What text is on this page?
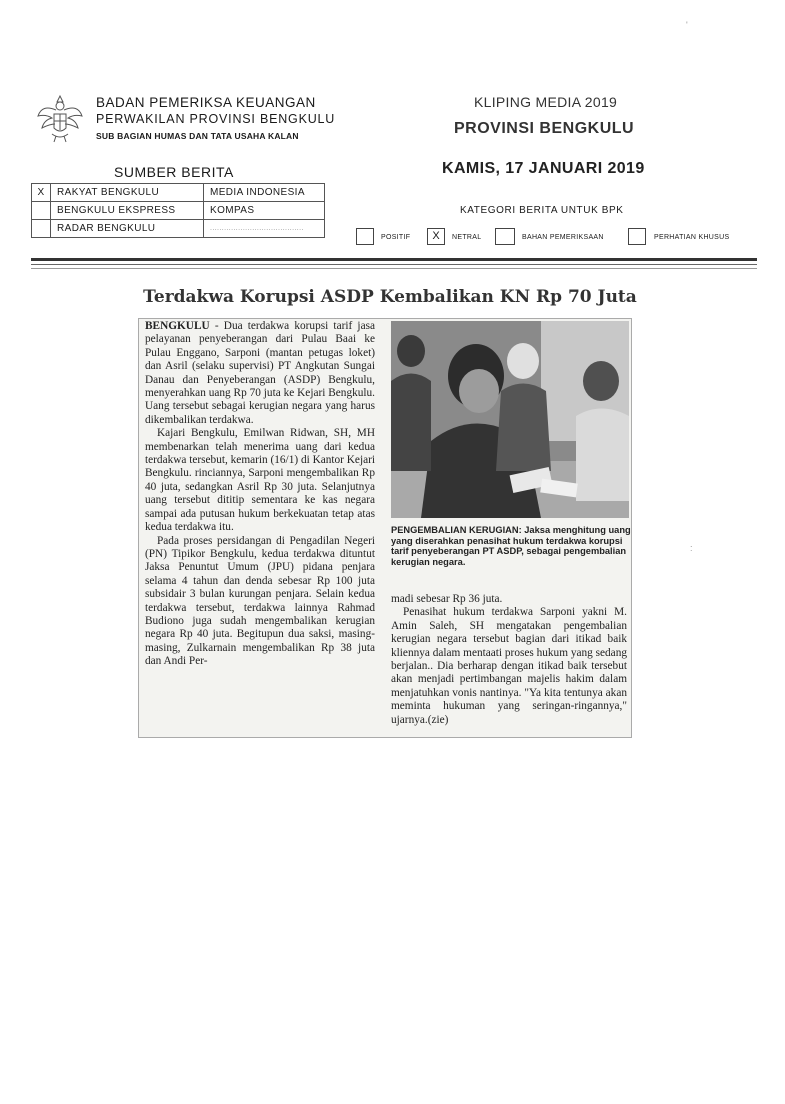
BADAN PEMERIKSA KEUANGAN
PERWAKILAN PROVINSI BENGKULU
SUB BAGIAN HUMAS DAN TATA USAHA KALAN
KLIPING MEDIA 2019
PROVINSI BENGKULU
KAMIS, 17 JANUARI 2019
SUMBER BERITA
X	RAKYAT BENGKULU	MEDIA INDONESIA
	BENGKULU EKSPRESS	KOMPAS
	RADAR BENGKULU	........................................
KATEGORI BERITA UNTUK BPK
POSITIF	X	NETRAL	BAHAN PEMERIKSAAN	PERHATIAN KHUSUS
Terdakwa Korupsi ASDP Kembalikan KN Rp 70 Juta

BENGKULU - Dua terdakwa korupsi tarif jasa pelayanan penyeberangan dari Pulau Baai ke Pulau Enggano, Sarponi (mantan petugas loket) dan Asril (selaku supervisi) PT Angkutan Sungai Danau dan Penyeberangan (ASDP) Bengkulu, menyerahkan uang Rp 70 juta ke Kejari Bengkulu. Uang tersebut sebagai kerugian negara yang harus dikembalikan terdakwa.

Kajari Bengkulu, Emilwan Ridwan, SH, MH membenarkan telah menerima uang dari kedua terdakwa tersebut, kemarin (16/1) di Kantor Kejari Bengkulu. rinciannya, Sarponi mengembalikan Rp 40 juta, sedangkan Asril Rp 30 juta. Selanjutnya uang tersebut dititip sementara ke kas negara sampai ada putusan hukum berkekuatan tetap atas kedua terdakwa itu.

Pada proses persidangan di Pengadilan Negeri (PN) Tipikor Bengkulu, kedua terdakwa dituntut Jaksa Penuntut Umum (JPU) pidana penjara selama 4 tahun dan denda sebesar Rp 100 juta subsidair 3 bulan kurungan penjara. Selain kedua terdakwa tersebut, terdakwa lainnya Rahmad Budiono juga sudah mengembalikan kerugian negara Rp 40 juta. Begitupun dua saksi, masing-masing, Zulkarnain mengembalikan Rp 38 juta dan Andi Per-

PENGEMBALIAN KERUGIAN: Jaksa menghitung uang yang diserahkan penasihat hukum terdakwa korupsi tarif penyeberangan PT ASDP, sebagai pengembalian kerugian negara.

madi sebesar Rp 36 juta.

Penasihat hukum terdakwa Sarponi yakni M. Amin Saleh, SH mengatakan pengembalian kerugian negara tersebut bagian dari itikad baik kliennya dalam mentaati proses hukum yang sedang berjalan.. Dia berharap dengan itikad baik tersebut akan menjadi pertimbangan majelis hakim dalam menjatuhkan vonis nantinya. "Ya kita tentunya akan meminta hukuman yang seringan-ringannya," ujarnya.(zie)

'
:
